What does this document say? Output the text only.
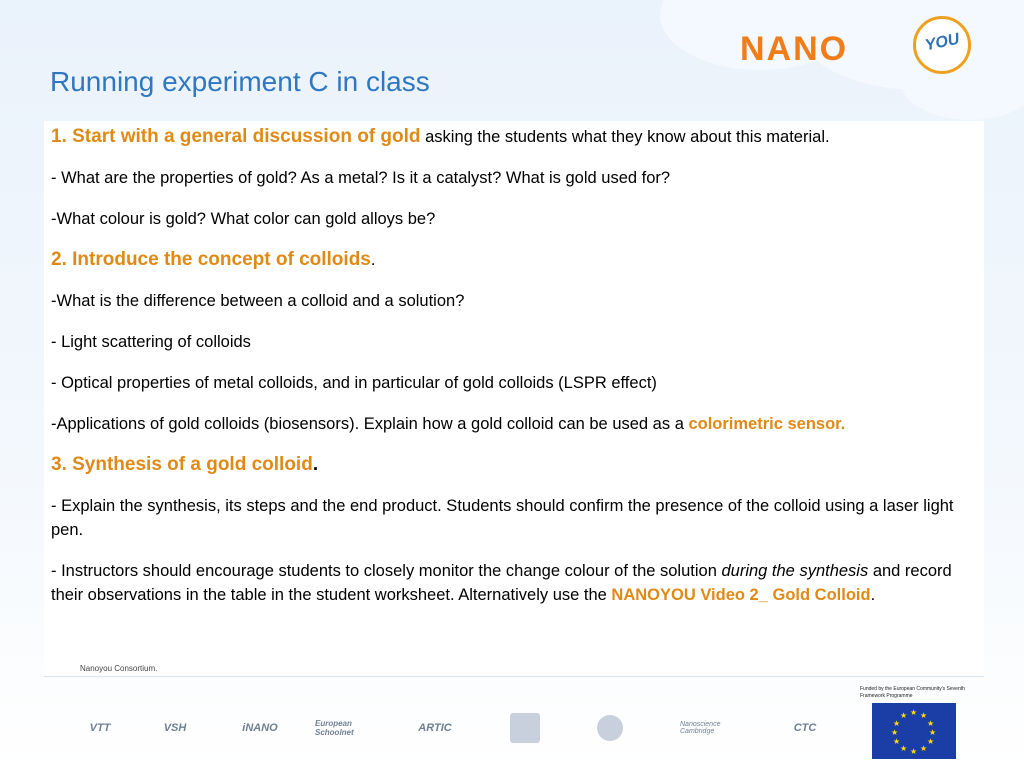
NANO	YOU
Running experiment C in class

1. Start with a general discussion of gold asking the students what they know about this material.

- What are the properties of gold? As a metal? Is it a catalyst? What is gold used for?

-What colour is gold? What color can gold alloys be?

2. Introduce the concept of colloids.

-What is the difference between a colloid and a solution?

- Light scattering of colloids

- Optical properties of metal colloids, and in particular of gold colloids (LSPR effect)

-Applications of gold colloids (biosensors). Explain how a gold colloid can be used as a colorimetric sensor.

3. Synthesis of a gold colloid.

- Explain the synthesis, its steps and the end product. Students should confirm the presence of the colloid using a laser light pen.

- Instructors should encourage students to closely monitor the change colour of the solution during the synthesis and record their observations in the table in the student worksheet. Alternatively use the NANOYOU Video 2_ Gold Colloid.

Nanoyou Consortium.
VTT	VSH	iNANO	European Schoolnet	ARTIC	Nanoscience Cambridge	CTC
Funded by the European Community's Seventh Framework Programme
★ ★
★
★
★
★
★
★
★
★
★
★
